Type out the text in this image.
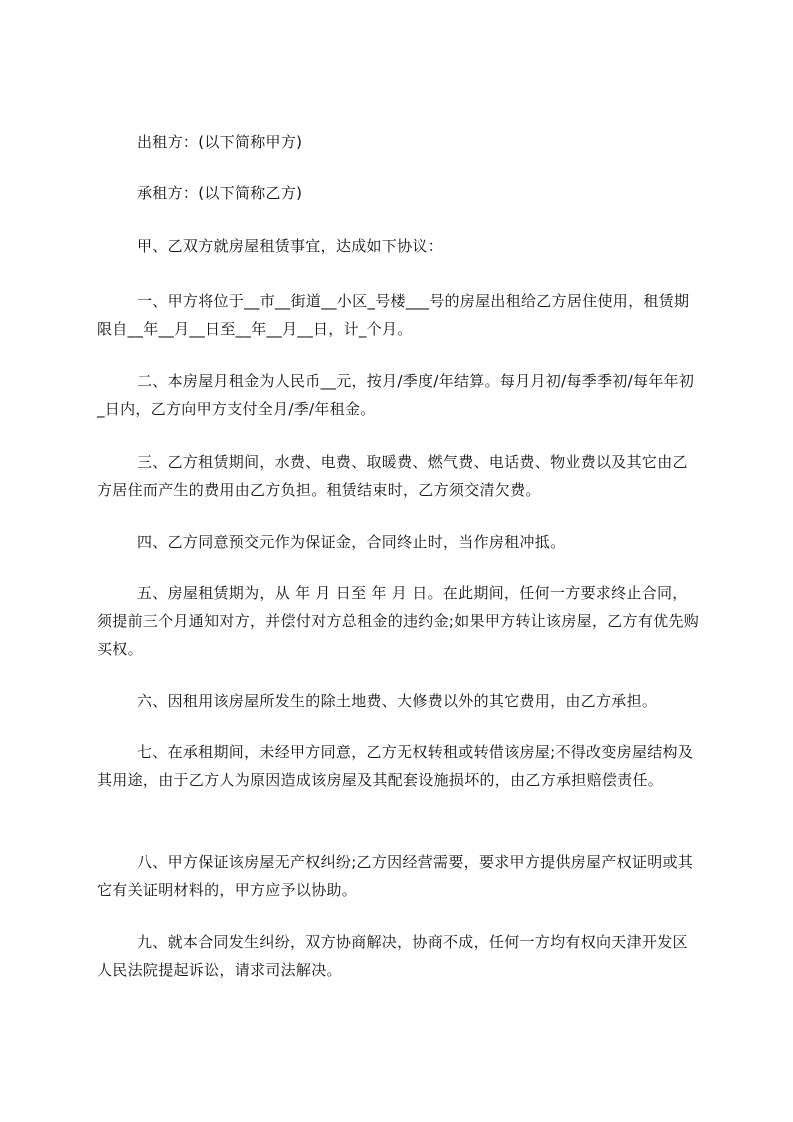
出租方：(以下简称甲方)

承租方：(以下简称乙方)

甲、乙双方就房屋租赁事宜，达成如下协议：

一、甲方将位于__市__街道__小区_号楼___号的房屋出租给乙方居住使用，租赁期限自__年__月__日至__年__月__日，计_个月。

二、本房屋月租金为人民币__元，按月/季度/年结算。每月月初/每季季初/每年年初_日内，乙方向甲方支付全月/季/年租金。

三、乙方租赁期间，水费、电费、取暖费、燃气费、电话费、物业费以及其它由乙方居住而产生的费用由乙方负担。租赁结束时，乙方须交清欠费。

四、乙方同意预交元作为保证金，合同终止时，当作房租冲抵。

五、房屋租赁期为，从 年 月 日至 年 月 日。在此期间，任何一方要求终止合同，须提前三个月通知对方，并偿付对方总租金的违约金;如果甲方转让该房屋，乙方有优先购买权。

六、因租用该房屋所发生的除土地费、大修费以外的其它费用，由乙方承担。

七、在承租期间，未经甲方同意，乙方无权转租或转借该房屋;不得改变房屋结构及其用途，由于乙方人为原因造成该房屋及其配套设施损坏的，由乙方承担赔偿责任。

八、甲方保证该房屋无产权纠纷;乙方因经营需要，要求甲方提供房屋产权证明或其它有关证明材料的，甲方应予以协助。

九、就本合同发生纠纷，双方协商解决，协商不成，任何一方均有权向天津开发区人民法院提起诉讼，请求司法解决。
